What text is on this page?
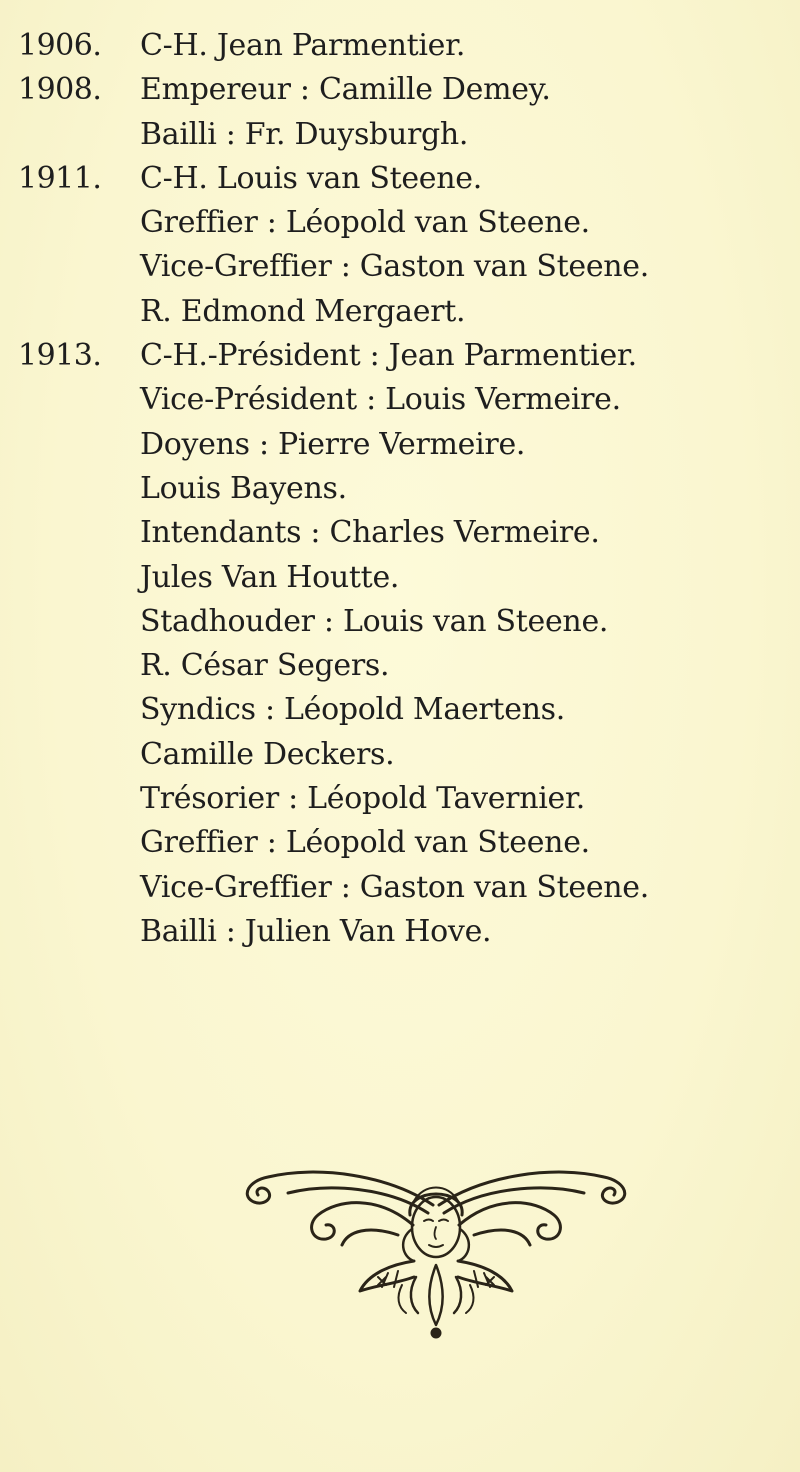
1906. C-H. Jean Parmentier.
1908. Empereur : Camille Demey.
Bailli : Fr. Duysburgh.
1911. C-H. Louis van Steene.
Greffier : Léopold van Steene.
Vice-Greffier : Gaston van Steene.
R. Edmond Mergaert.
1913. C-H.-Président : Jean Parmentier.
Vice-Président : Louis Vermeire.
Doyens : Pierre Vermeire.
Louis Bayens.
Intendants : Charles Vermeire.
Jules Van Houtte.
Stadhouder : Louis van Steene.
R. César Segers.
Syndics : Léopold Maertens.
Camille Deckers.
Trésorier : Léopold Tavernier.
Greffier : Léopold van Steene.
Vice-Greffier : Gaston van Steene.
Bailli : Julien Van Hove.
